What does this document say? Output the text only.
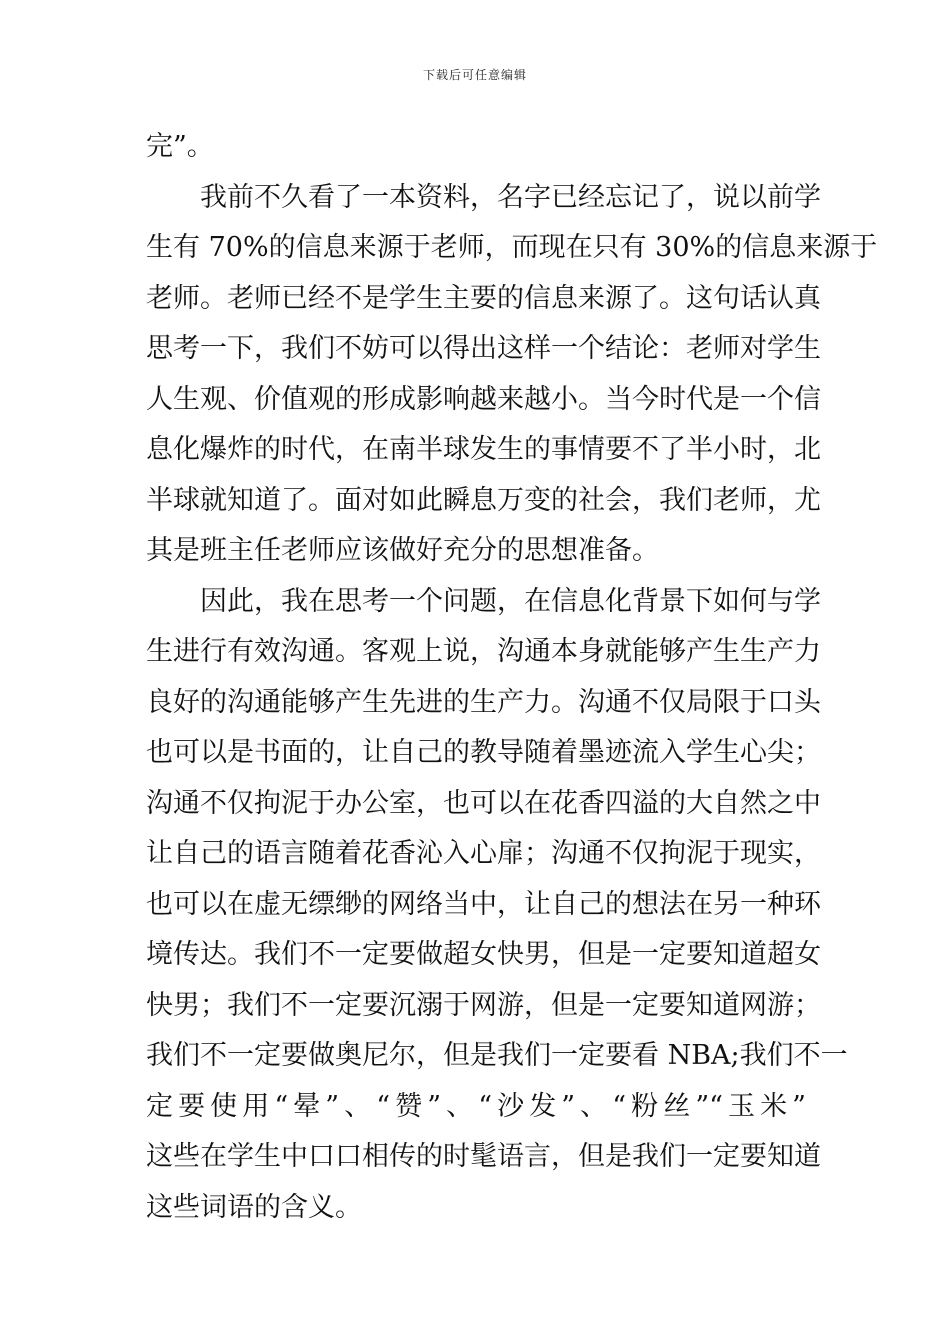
下载后可任意编辑
完”。
我前不久看了一本资料，名字已经忘记了，说以前学
生有 70%的信息来源于老师，而现在只有 30%的信息来源于
老师。老师已经不是学生主要的信息来源了。这句话认真
思考一下，我们不妨可以得出这样一个结论：老师对学生
人生观、价值观的形成影响越来越小。当今时代是一个信
息化爆炸的时代，在南半球发生的事情要不了半小时，北
半球就知道了。面对如此瞬息万变的社会，我们老师，尤
其是班主任老师应该做好充分的思想准备。
因此，我在思考一个问题，在信息化背景下如何与学
生进行有效沟通。客观上说，沟通本身就能够产生生产力
良好的沟通能够产生先进的生产力。沟通不仅局限于口头
也可以是书面的，让自己的教导随着墨迹流入学生心尖；
沟通不仅拘泥于办公室，也可以在花香四溢的大自然之中
让自己的语言随着花香沁入心扉；沟通不仅拘泥于现实，
也可以在虚无缥缈的网络当中，让自己的想法在另一种环
境传达。我们不一定要做超女快男，但是一定要知道超女
快男；我们不一定要沉溺于网游，但是一定要知道网游；
我们不一定要做奥尼尔，但是我们一定要看 NBA;我们不一
定要使用“晕”、“赞”、“沙发”、“粉丝”“玉米”
这些在学生中口口相传的时髦语言，但是我们一定要知道
这些词语的含义。
